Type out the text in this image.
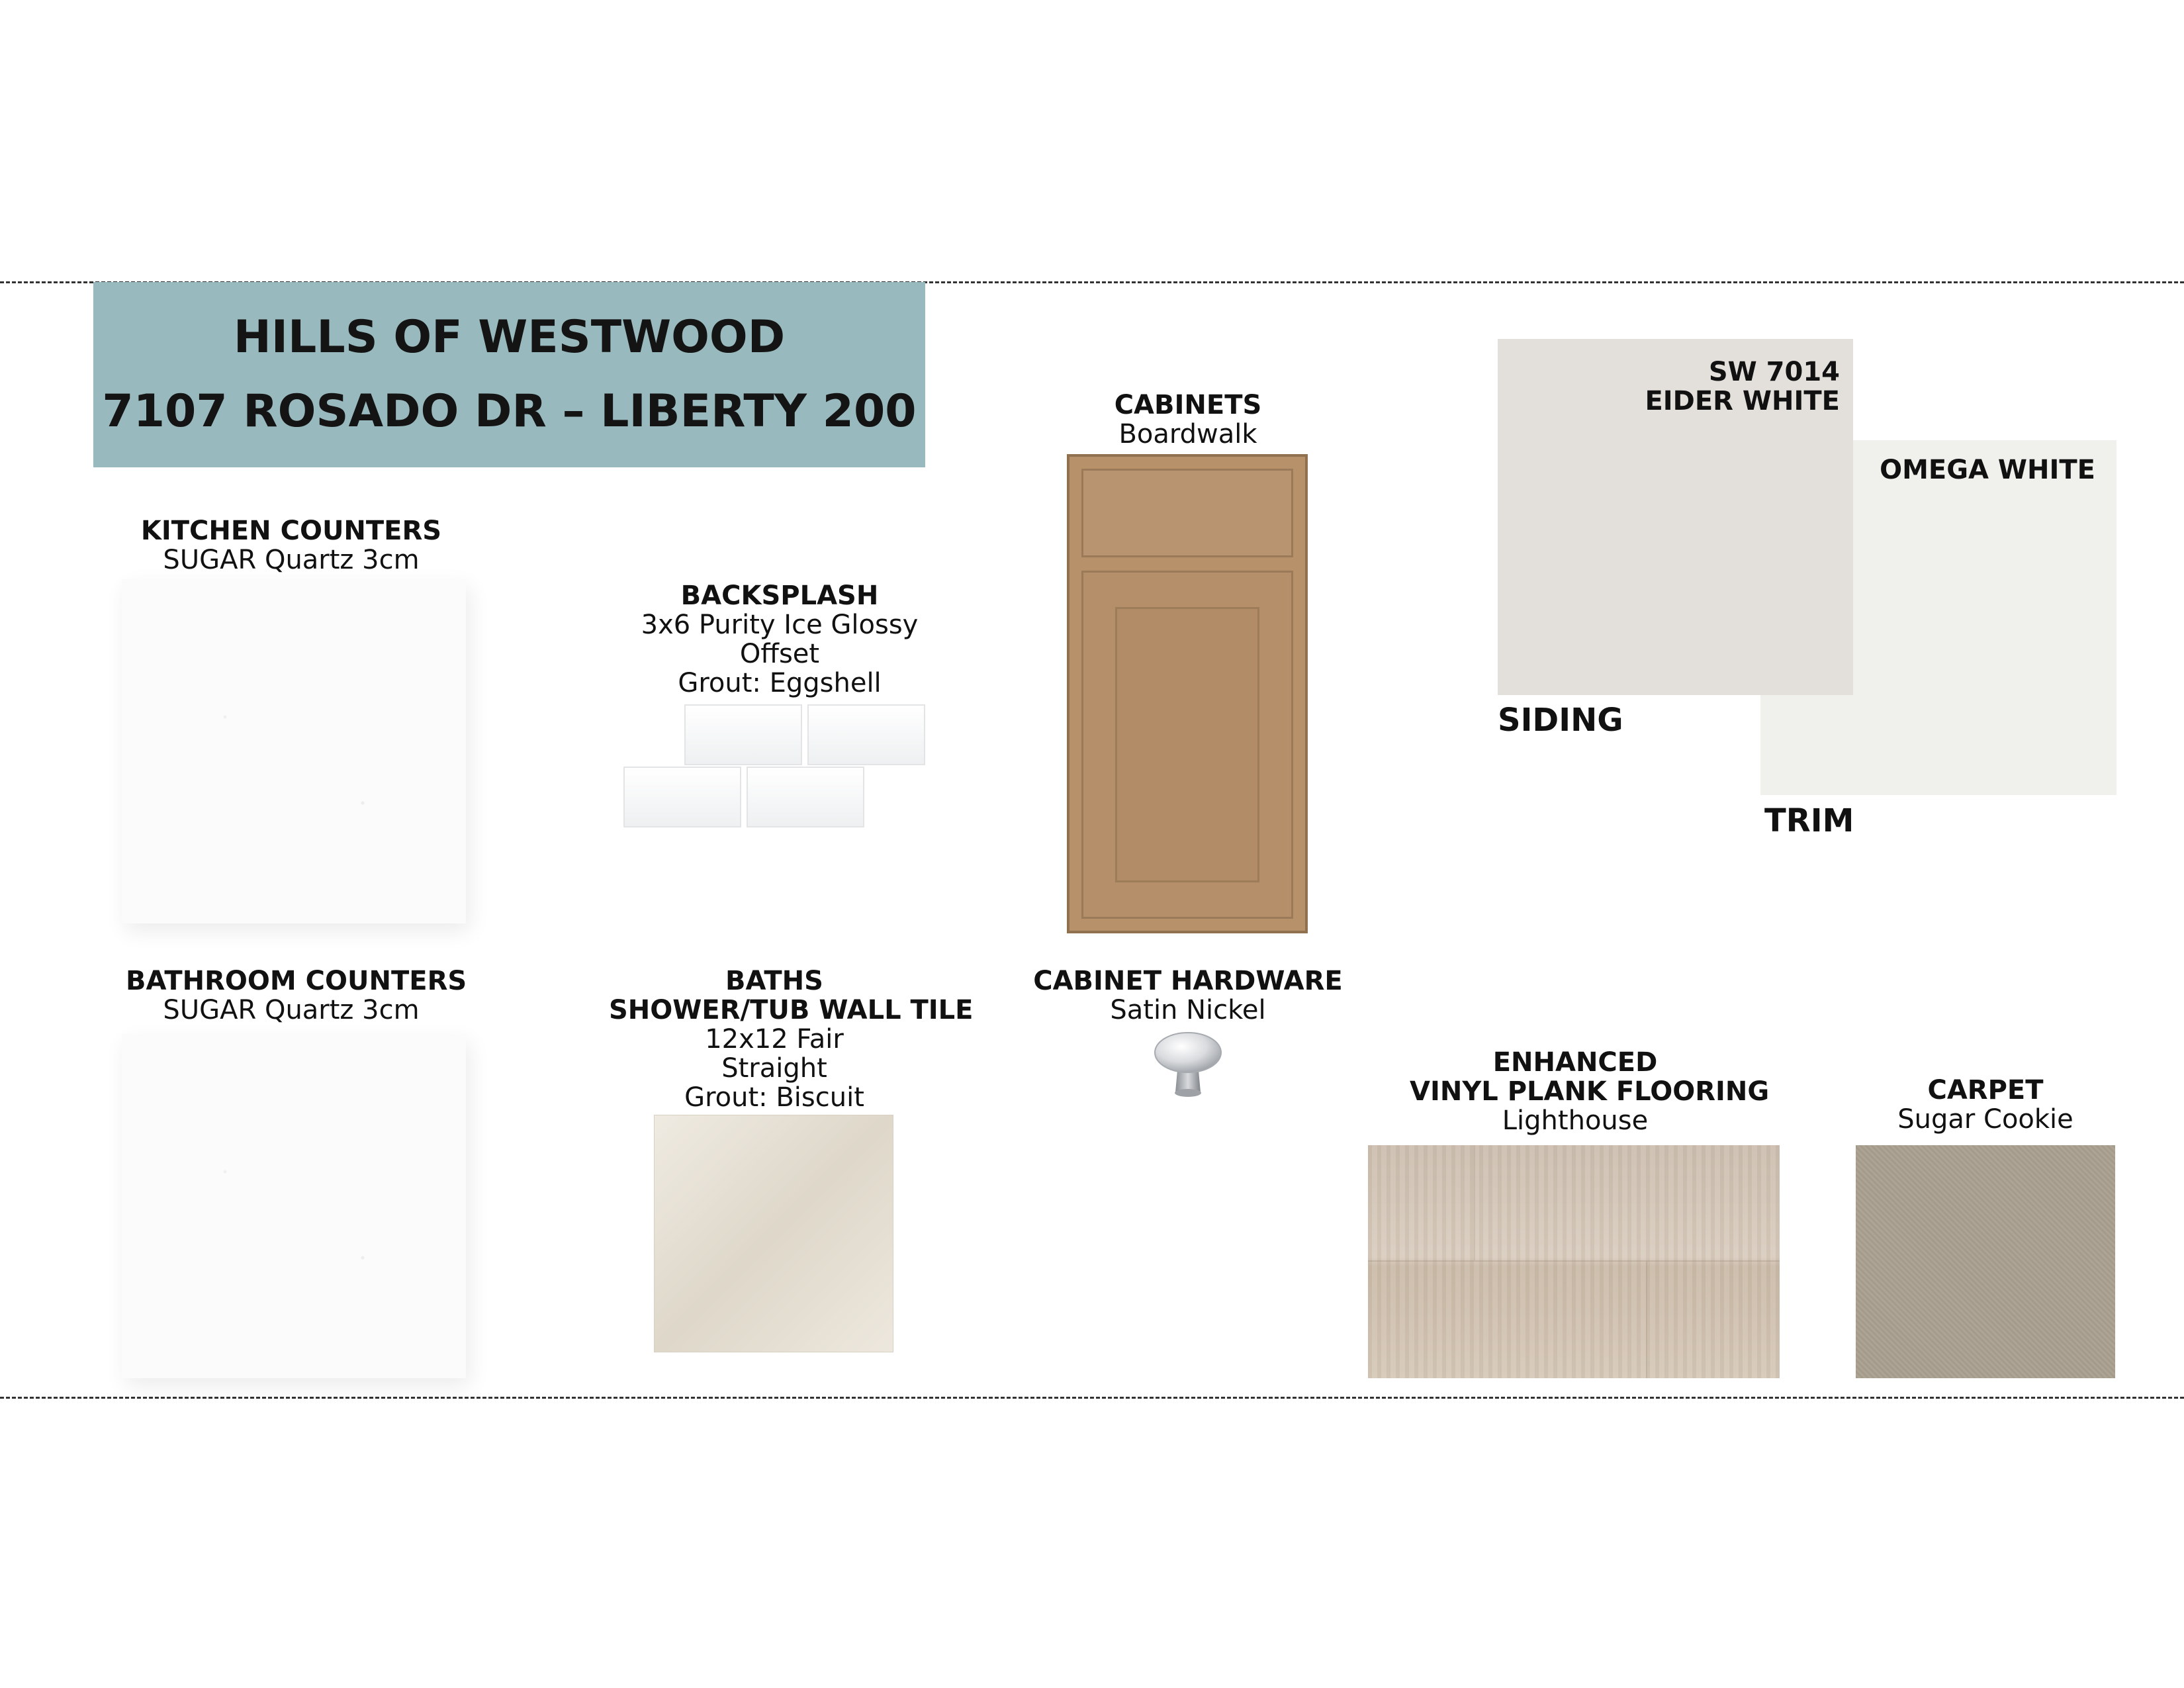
HILLS OF WESTWOOD
7107 ROSADO DR – LIBERTY 200
KITCHEN COUNTERS
SUGAR Quartz 3cm
BACKSPLASH
3x6 Purity Ice Glossy
Offset
Grout: Eggshell
CABINETS
Boardwalk
SW 7014
EIDER WHITE
OMEGA WHITE
SIDING
TRIM
BATHROOM COUNTERS
SUGAR Quartz 3cm
BATHS
SHOWER/TUB WALL TILE
12x12 Fair
Straight
Grout: Biscuit
CABINET HARDWARE
Satin Nickel
ENHANCED
VINYL PLANK FLOORING
Lighthouse
CARPET
Sugar Cookie
